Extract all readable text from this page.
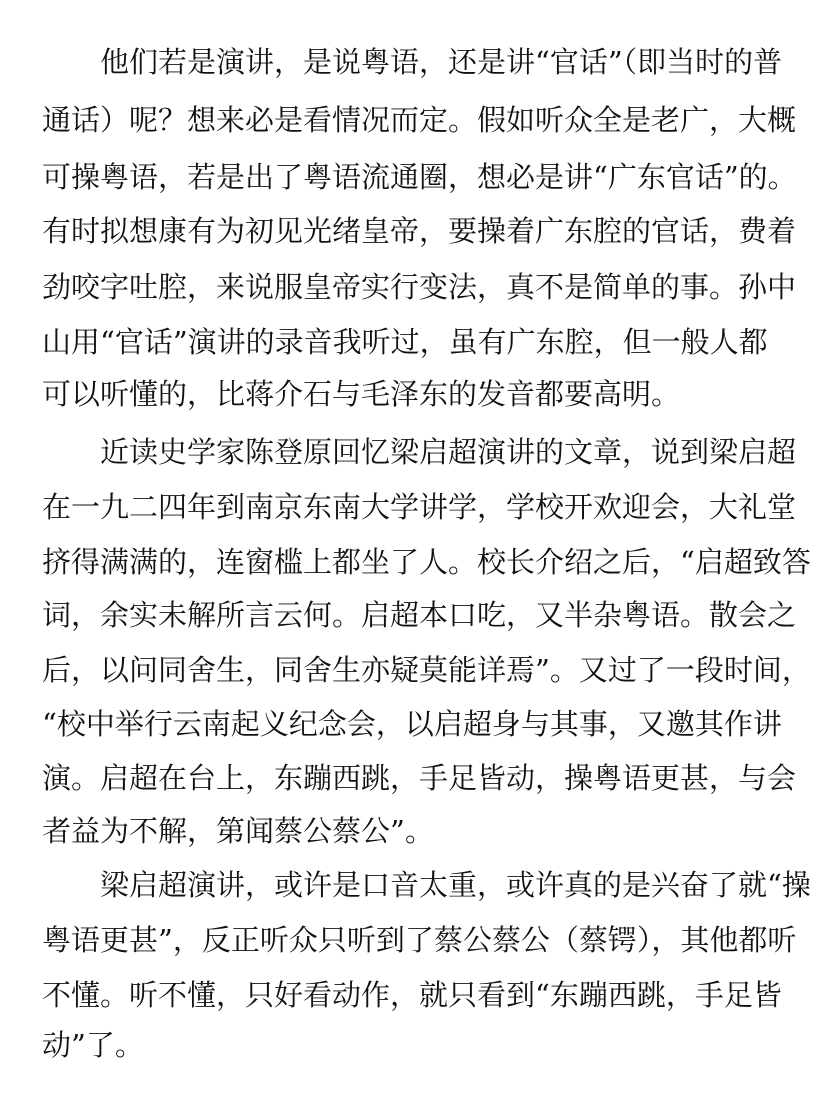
他们若是演讲，是说粤语，还是讲“官话”（即当时的普
通话）呢？想来必是看情况而定。假如听众全是老广，大概
可操粤语，若是出了粤语流通圈，想必是讲“广东官话”的。
有时拟想康有为初见光绪皇帝，要操着广东腔的官话，费着
劲咬字吐腔，来说服皇帝实行变法，真不是简单的事。孙中
山用“官话”演讲的录音我听过，虽有广东腔，但一般人都
可以听懂的，比蒋介石与毛泽东的发音都要高明。
近读史学家陈登原回忆梁启超演讲的文章，说到梁启超
在一九二四年到南京东南大学讲学，学校开欢迎会，大礼堂
挤得满满的，连窗槛上都坐了人。校长介绍之后，“启超致答
词，余实未解所言云何。启超本口吃，又半杂粤语。散会之
后，以问同舍生，同舍生亦疑莫能详焉”。又过了一段时间，
“校中举行云南起义纪念会，以启超身与其事，又邀其作讲
演。启超在台上，东蹦西跳，手足皆动，操粤语更甚，与会
者益为不解，第闻蔡公蔡公”。
梁启超演讲，或许是口音太重，或许真的是兴奋了就“操
粤语更甚”，反正听众只听到了蔡公蔡公（蔡锷），其他都听
不懂。听不懂，只好看动作，就只看到“东蹦西跳，手足皆
动”了。
